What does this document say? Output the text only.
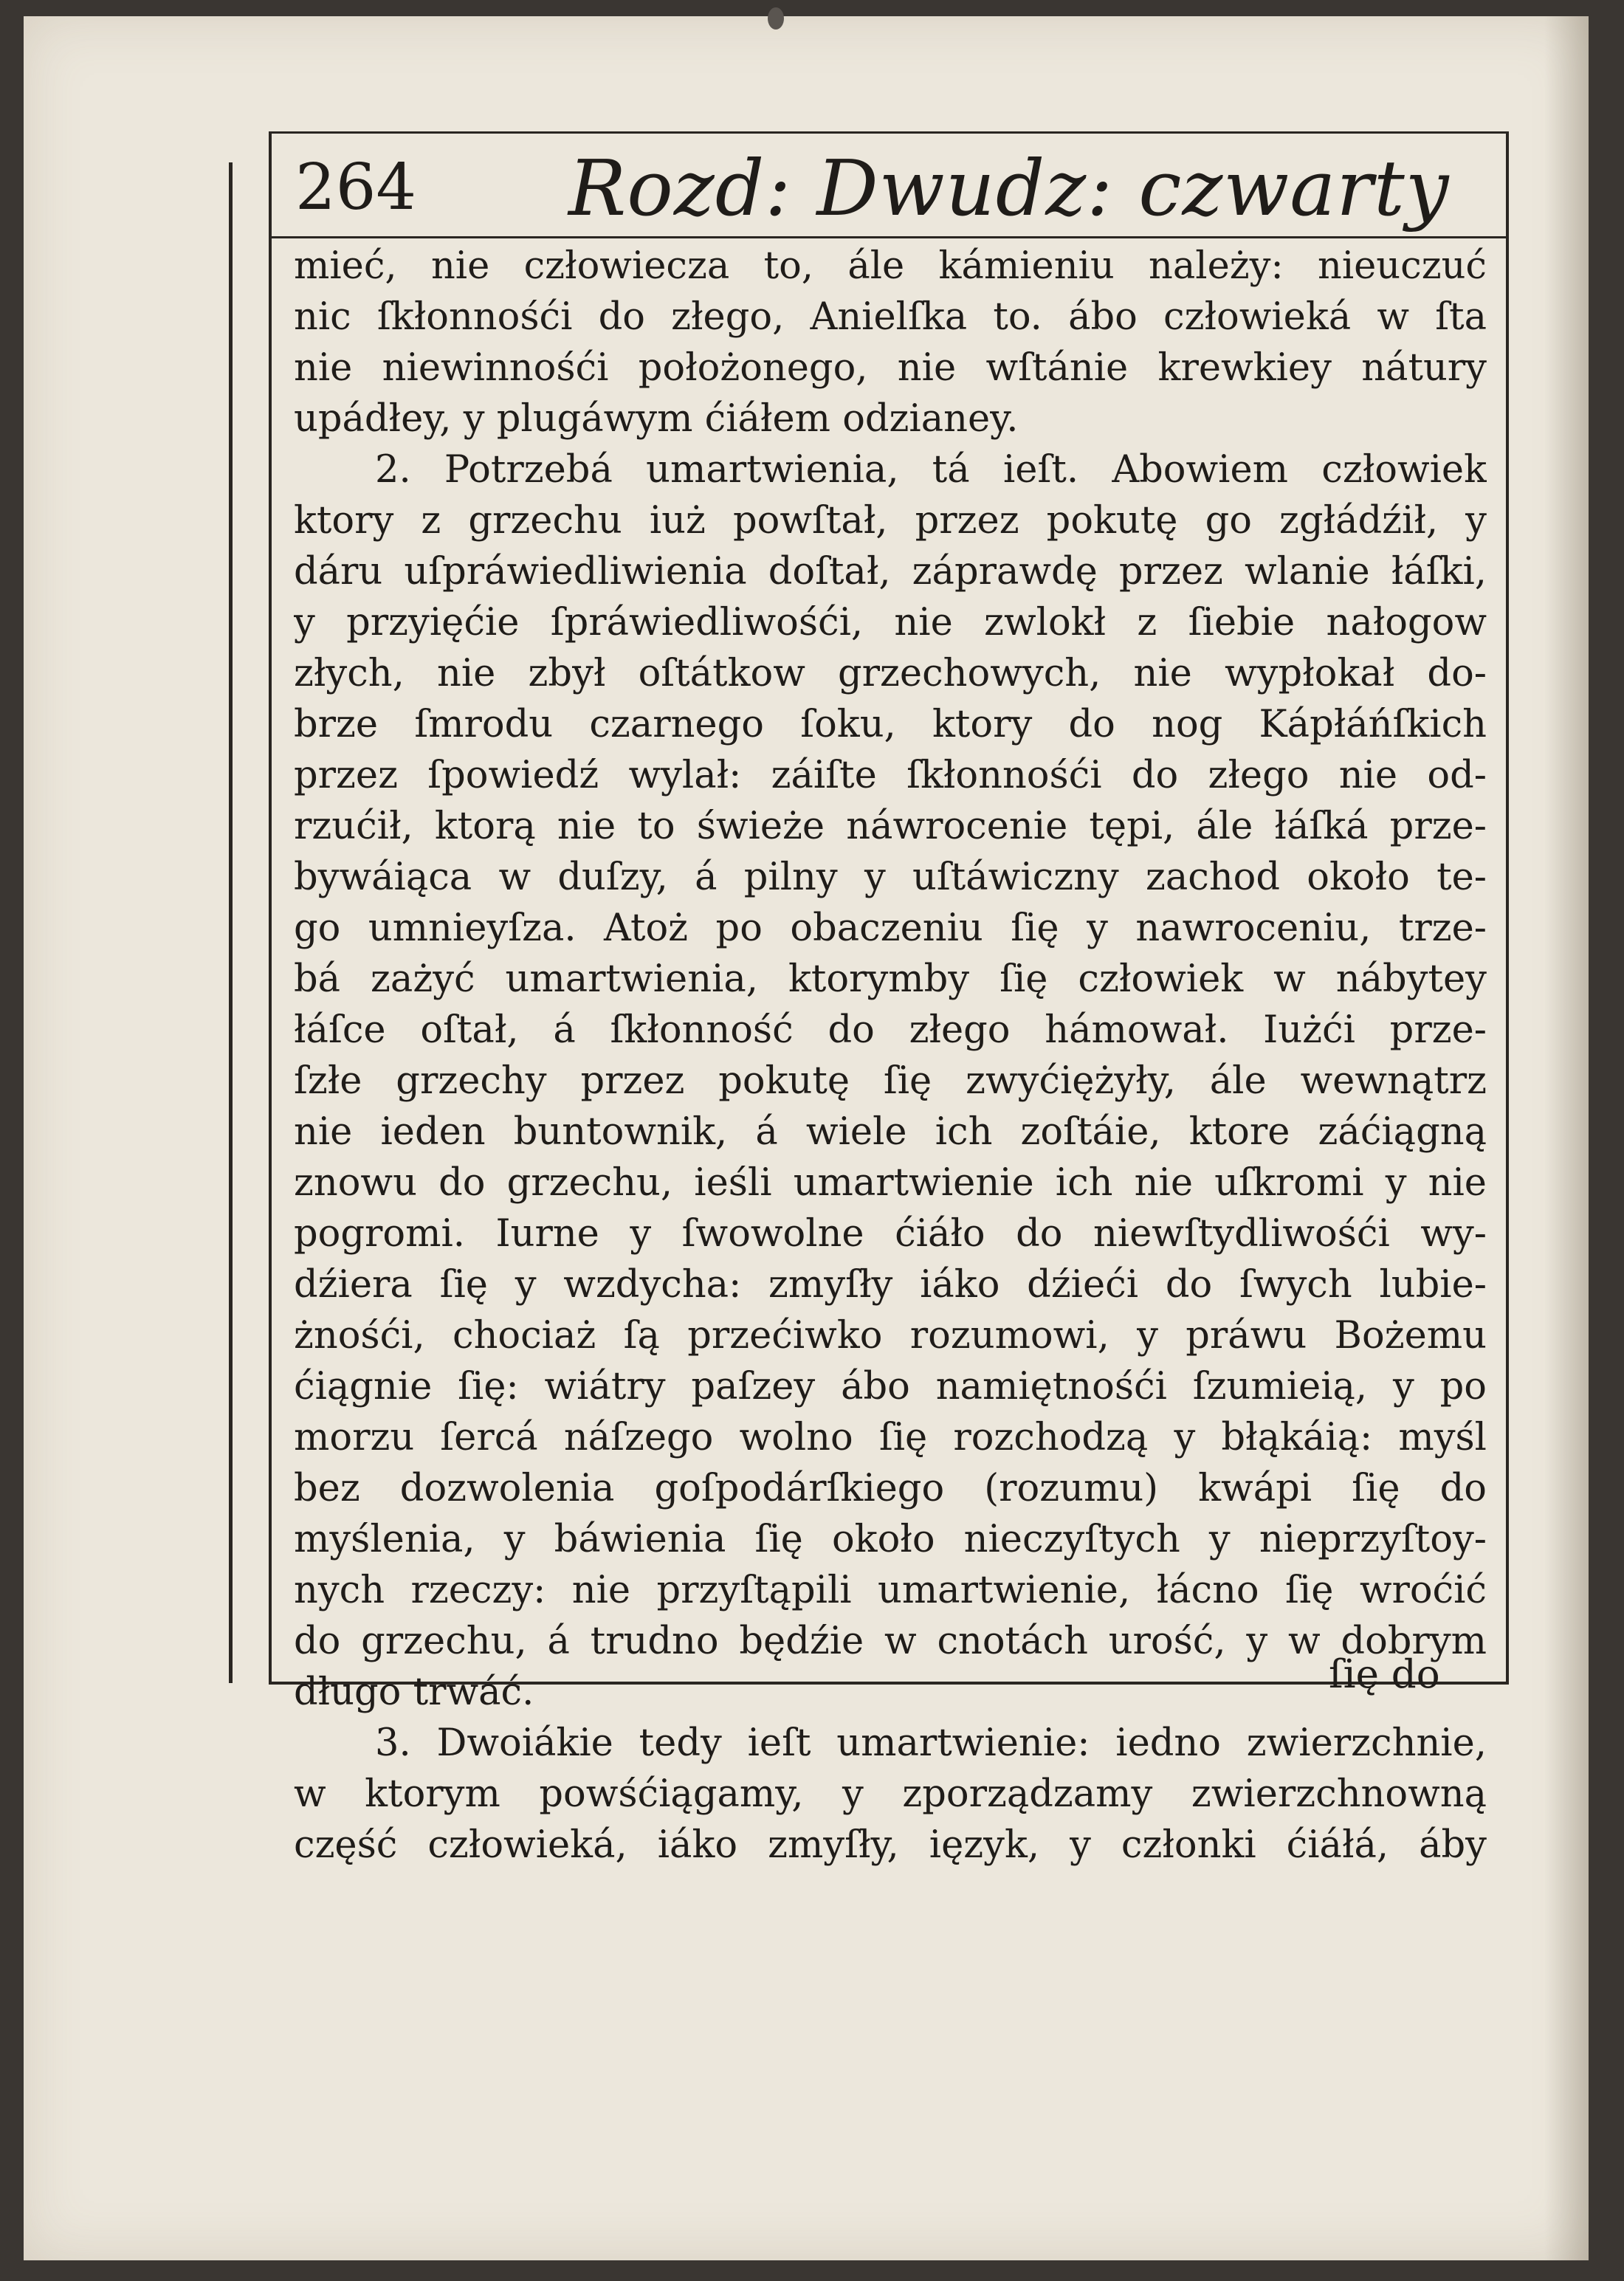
264 Rozd: Dwudz: czwarty
mieć, nie człowiecza to, ále kámieniu należy: nieuczuć
nic ſkłonnośći do złego, Anielſka to. ábo człowieká w ſta
nie niewinnośći położonego, nie wſtánie krewkiey nátury
upádłey, y plugáwym ćiáłem odzianey.
2. Potrzebá umartwienia, tá ieſt. Abowiem człowiek
ktory z grzechu iuż powſtał, przez pokutę go zgłádźił, y
dáru uſpráwiedliwienia doſtał, záprawdę przez wlanie łáſki,
y przyięćie ſpráwiedliwośći, nie zwlokł z ſiebie nałogow
złych, nie zbył oſtátkow grzechowych, nie wypłokał do-
brze ſmrodu czarnego ſoku, ktory do nog Kápłáńſkich
przez ſpowiedź wylał: záiſte ſkłonnośći do złego nie od-
rzućił, ktorą nie to świeże náwrocenie tępi, ále łáſká prze-
bywáiąca w duſzy, á pilny y uſtáwiczny zachod około te-
go umnieyſza. Atoż po obaczeniu ſię y nawroceniu, trze-
bá zażyć umartwienia, ktorymby ſię człowiek w nábytey
łáſce oſtał, á ſkłonność do złego hámował. Iużći prze-
ſzłe grzechy przez pokutę ſię zwyćiężyły, ále wewnątrz
nie ieden buntownik, á wiele ich zoſtáie, ktore záćiągną
znowu do grzechu, ieśli umartwienie ich nie uſkromi y nie
pogromi. Iurne y ſwowolne ćiáło do niewſtydliwośći wy-
dźiera ſię y wzdycha: zmyſły iáko dźieći do ſwych lubie-
żnośći, chociaż ſą przećiwko rozumowi, y práwu Bożemu
ćiągnie ſię: wiátry paſzey ábo namiętnośći ſzumieią, y po
morzu ſercá náſzego wolno ſię rozchodzą y błąkáią: myśl
bez dozwolenia goſpodárſkiego (rozumu) kwápi ſię do
myślenia, y báwienia ſię około nieczyſtych y nieprzyſtoy-
nych rzeczy: nie przyſtąpili umartwienie, łácno ſię wroćić
do grzechu, á trudno będźie w cnotách urość, y w dobrym
długo trwáć.
3. Dwoiákie tedy ieſt umartwienie: iedno zwierzchnie,
w ktorym powśćiągamy, y zporządzamy zwierzchnowną
część człowieká, iáko zmyſły, ięzyk, y członki ćiáłá, áby
ſię do
